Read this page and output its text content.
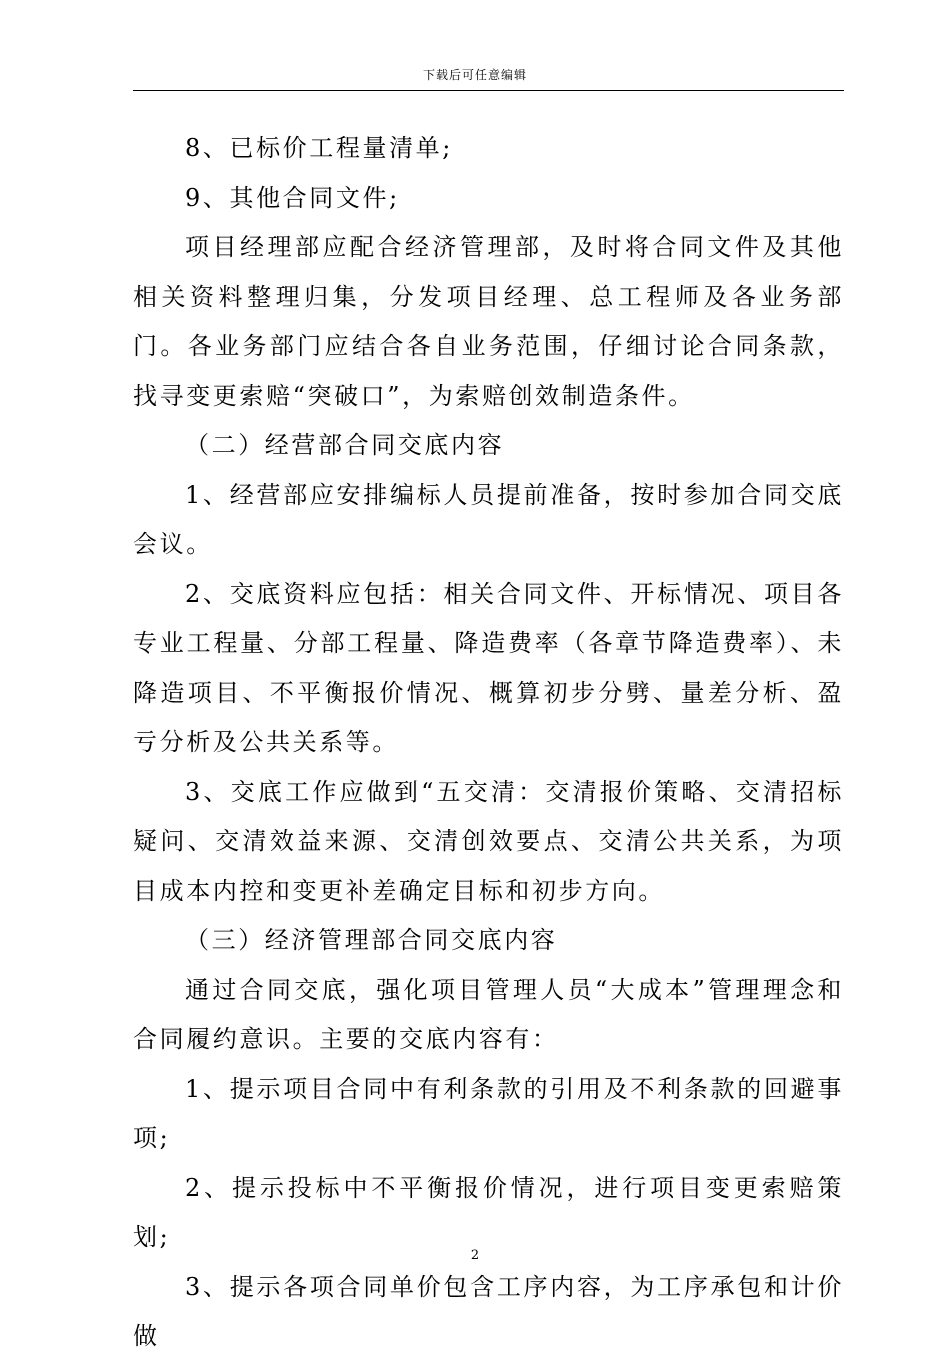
下载后可任意编辑

8、已标价工程量清单;

9、其他合同文件;

项目经理部应配合经济管理部，及时将合同文件及其他相关资料整理归集，分发项目经理、总工程师及各业务部门。各业务部门应结合各自业务范围，仔细讨论合同条款，找寻变更索赔“突破口”，为索赔创效制造条件。

（二）经营部合同交底内容

1、经营部应安排编标人员提前准备，按时参加合同交底会议。

2、交底资料应包括：相关合同文件、开标情况、项目各专业工程量、分部工程量、降造费率（各章节降造费率）、未降造项目、不平衡报价情况、概算初步分劈、量差分析、盈亏分析及公共关系等。

3、交底工作应做到“五交清：交清报价策略、交清招标疑问、交清效益来源、交清创效要点、交清公共关系，为项目成本内控和变更补差确定目标和初步方向。

（三）经济管理部合同交底内容

通过合同交底，强化项目管理人员“大成本”管理理念和合同履约意识。主要的交底内容有：

1、提示项目合同中有利条款的引用及不利条款的回避事项;

2、提示投标中不平衡报价情况，进行项目变更索赔策划;

3、提示各项合同单价包含工序内容，为工序承包和计价做

2
